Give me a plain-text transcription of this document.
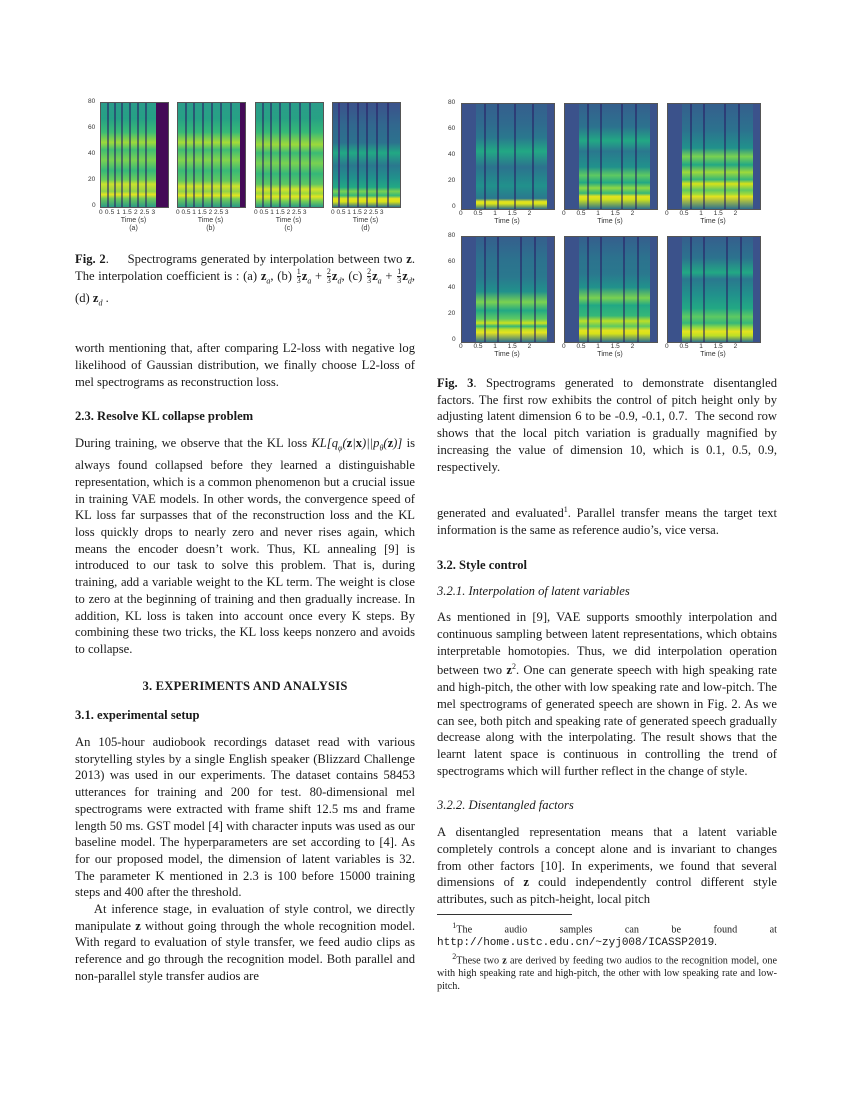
80
60
40
20
0
0 0.5 1 1.5 2 2.5 3	0 0.5 1 1.5 2 2.5 3	0 0.5 1 1.5 2 2.5 3	0 0.5 1 1.5 2 2.5 3
Time (s)	Time (s)	Time (s)	Time (s)
(a)	(b)	(c)	(d)
80
60
40
20
0
80
60
40
20
0
0 0.5 1 1.5 2	0 0.5 1 1.5 2	0 0.5 1 1.5 2
Time (s)	Time (s)	Time (s)
0 0.5 1 1.5 2	0 0.5 1 1.5 2	0 0.5 1 1.5 2
Time (s)	Time (s)	Time (s)

Fig. 2.     Spectrograms generated by interpolation between two z. The interpolation coefficient is : (a) $z_a$, $(b) \frac{1}{3} z_a + \frac{2}{3} z_d$, $(c) \frac{2}{3} z_a + \frac{1}{3} z_d$, (d) $z_d$ .

worth mentioning that, after comparing L2-loss with negative log likelihood of Gaussian distribution, we finally choose L2-loss of mel spectrograms as reconstruction loss.

2.3. Resolve KL collapse problem

During training, we observe that the KL loss $KL[q_\varphi(z|x)||p_\theta(z)]$ is always found collapsed before they learned a distinguishable representation, which is a common phenomenon but a crucial issue in training VAE models. In other words, the convergence speed of KL loss far surpasses that of the reconstruction loss and the KL loss quickly drops to nearly zero and never rises again, which means the encoder doesn’t work. Thus, KL annealing [9] is introduced to our task to solve this problem. That is, during training, add a variable weight to the KL term. The weight is close to zero at the beginning of training and then gradually increase. In addition, KL loss is taken into account once every K steps. By combining these two tricks, the KL loss keeps nonzero and avoids to collapse.

3. EXPERIMENTS AND ANALYSIS

3.1. experimental setup

An 105-hour audiobook recordings dataset read with various storytelling styles by a single English speaker (Blizzard Challenge 2013) was used in our experiments. The dataset contains 58453 utterances for training and 200 for test. 80-dimensional mel spectrograms were extracted with frame shift 12.5 ms and frame length 50 ms. GST model [4] with character inputs was used as our baseline model. The hyperparameters are set according to [4]. As for our proposed model, the dimension of latent variables is 32. The parameter K mentioned in 2.3 is 100 before 15000 training steps and 400 after the threshold.

At inference stage, in evaluation of style control, we directly manipulate z without going through the whole recognition model. With regard to evaluation of style transfer, we feed audio clips as reference and go through the recognition model. Both parallel and non-parallel style transfer audios are

Fig. 3. Spectrograms generated to demonstrate disentangled factors. The first row exhibits the control of pitch height only by adjusting latent dimension 6 to be -0.9, -0.1, 0.7.  The second row shows that the local pitch variation is gradually magnified by increasing the value of dimension 10, which is 0.1, 0.5, 0.9, respectively.

generated and evaluated$^1$. Parallel transfer means the target text information is the same as reference audio’s, vice versa.

3.2. Style control

3.2.1. Interpolation of latent variables

As mentioned in [9], VAE supports smoothly interpolation and continuous sampling between latent representations, which obtains interpretable homotopies. Thus, we did interpolation operation between two $z^2$. One can generate speech with high speaking rate and high-pitch, the other with low speaking rate and low-pitch. The mel spectrograms of generated speech are shown in Fig. 2. As we can see, both pitch and speaking rate of generated speech gradually decrease along with the interpolating. The result shows that the learnt latent space is continuous in controlling the trend of spectrograms which will further reflect in the change of style.

3.2.2. Disentangled factors

A disentangled representation means that a latent variable completely controls a concept alone and is invariant to changes from other factors [10]. In experiments, we found that several dimensions of z could independently control different style attributes, such as pitch-height, local pitch

$^1$The audio samples can be found at http://home.ustc.edu.cn/~zyj008/ICASSP2019.

$^2$These two z are derived by feeding two audios to the recognition model, one with high speaking rate and high-pitch, the other with low speaking rate and low-pitch.
